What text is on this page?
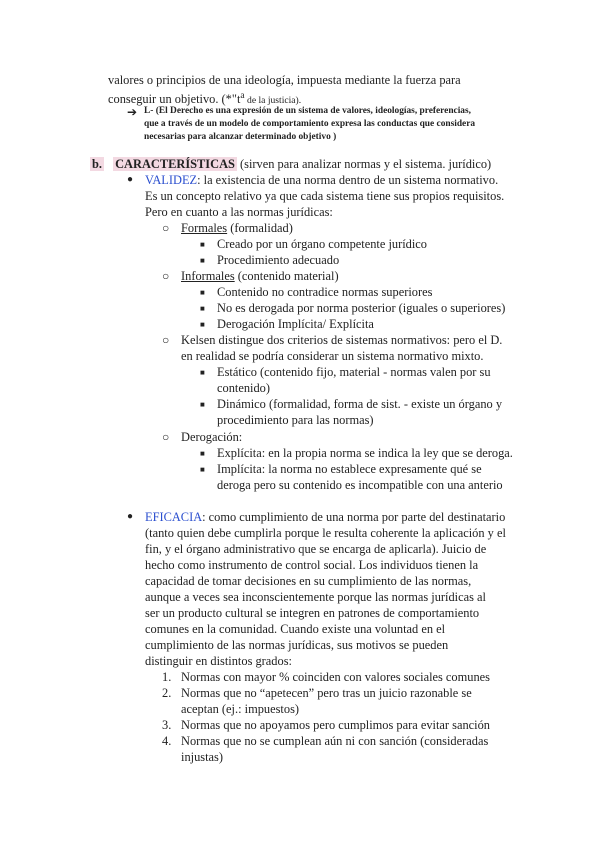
valores o principios de una ideología, impuesta mediante la fuerza para
conseguir un objetivo. ($*"t^a$ de la justicia).
➔ L- (El Derecho es una expresión de un sistema de valores, ideologías, preferencias,
que a través de un modelo de comportamiento expresa las conductas que considera
necesarias para alcanzar determinado objetivo )
b. CARACTERÍSTICAS (sirven para analizar normas y el sistema. jurídico)
● VALIDEZ: la existencia de una norma dentro de un sistema normativo.
Es un concepto relativo ya que cada sistema tiene sus propios requisitos.
Pero en cuanto a las normas jurídicas:
○ Formales (formalidad)
■ Creado por un órgano competente jurídico
■ Procedimiento adecuado
○ Informales (contenido material)
■ Contenido no contradice normas superiores
■ No es derogada por norma posterior (iguales o superiores)
■ Derogación Implícita/ Explícita
○ Kelsen distingue dos criterios de sistemas normativos: pero el D.
en realidad se podría considerar un sistema normativo mixto.
■ Estático (contenido fijo, material - normas valen por su
contenido)
■ Dinámico (formalidad, forma de sist. - existe un órgano y
procedimiento para las normas)
○ Derogación:
■ Explícita: en la propia norma se indica la ley que se deroga.
■ Implícita: la norma no establece expresamente qué se
deroga pero su contenido es incompatible con una anterio
● EFICACIA: como cumplimiento de una norma por parte del destinatario
(tanto quien debe cumplirla porque le resulta coherente la aplicación y el
fin, y el órgano administrativo que se encarga de aplicarla). Juicio de
hecho como instrumento de control social. Los individuos tienen la
capacidad de tomar decisiones en su cumplimiento de las normas,
aunque a veces sea inconscientemente porque las normas jurídicas al
ser un producto cultural se integren en patrones de comportamiento
comunes en la comunidad. Cuando existe una voluntad en el
cumplimiento de las normas jurídicas, sus motivos se pueden
distinguir en distintos grados:
1. Normas con mayor % coinciden con valores sociales comunes
2. Normas que no “apetecen” pero tras un juicio razonable se
aceptan (ej.: impuestos)
3. Normas que no apoyamos pero cumplimos para evitar sanción
4. Normas que no se cumplean aún ni con sanción (consideradas
injustas)
